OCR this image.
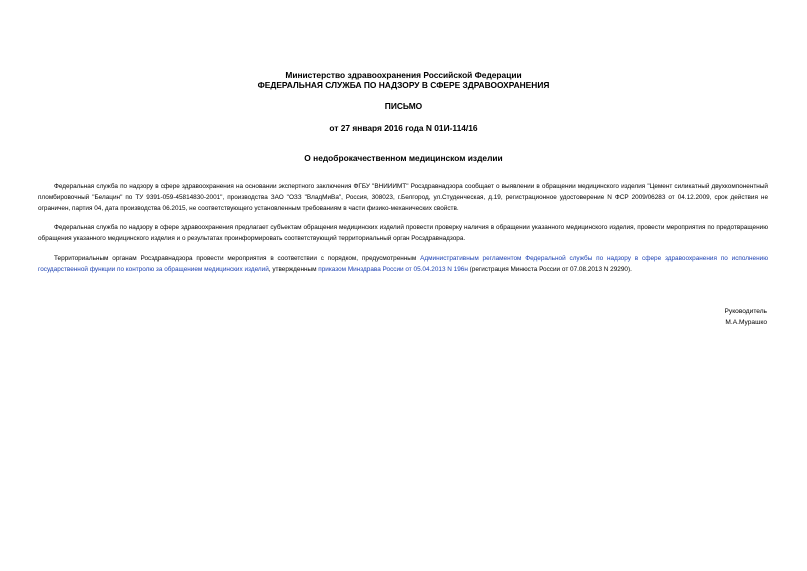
Министерство здравоохранения Российской Федерации
ФЕДЕРАЛЬНАЯ СЛУЖБА ПО НАДЗОРУ В СФЕРЕ ЗДРАВООХРАНЕНИЯ
ПИСЬМО
от 27 января 2016 года N 01И-114/16
О недоброкачественном медицинском изделии
Федеральная служба по надзору в сфере здравоохранения на основании экспертного заключения ФГБУ "ВНИИИМТ" Росздравнадзора сообщает о выявлении в обращении медицинского изделия "Цемент силикатный двухкомпонентный пломбировочный "Белацин" по ТУ 9391-059-45814830-2001", производства ЗАО "ОЗЗ "ВладМиВа", Россия, 308023, г.Белгород, ул.Студенческая, д.19, регистрационное удостоверение N ФСР 2009/06283 от 04.12.2009, срок действия не ограничен, партия 04, дата производства 06.2015, не соответствующего установленным требованиям в части физико-механических свойств.
Федеральная служба по надзору в сфере здравоохранения предлагает субъектам обращения медицинских изделий провести проверку наличия в обращении указанного медицинского изделия, провести мероприятия по предотвращению обращения указанного медицинского изделия и о результатах проинформировать соответствующий территориальный орган Росздравнадзора.
Территориальным органам Росздравнадзора провести мероприятия в соответствии с порядком, предусмотренным Административным регламентом Федеральной службы по надзору в сфере здравоохранения по исполнению государственной функции по контролю за обращением медицинских изделий, утвержденным приказом Минздрава России от 05.04.2013 N 196н (регистрация Минюста России от 07.08.2013 N 29290).
Руководитель
М.А.Мурашко
